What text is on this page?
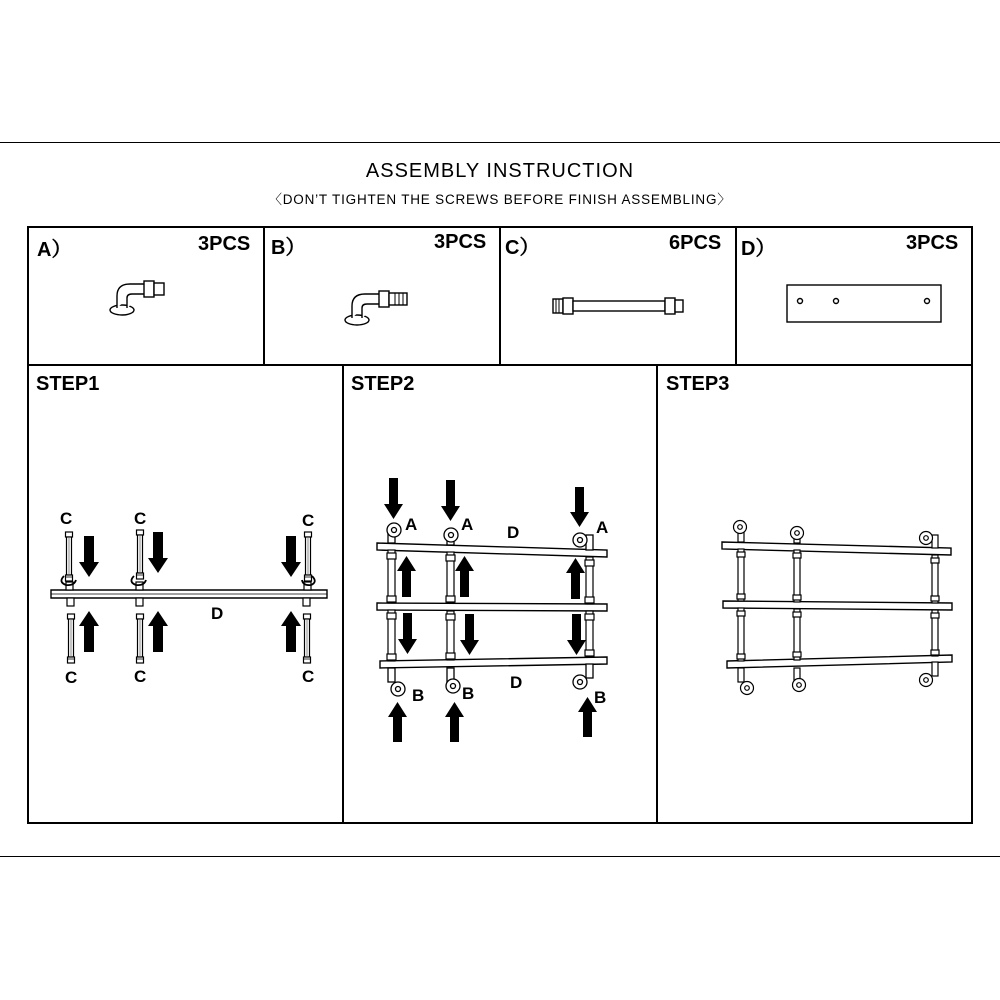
ASSEMBLY INSTRUCTION
〈DON’T TIGHTEN THE SCREWS BEFORE FINISH ASSEMBLING〉
A）	3PCS B）	3PCS C）	6PCS D）	3PCS
STEP1	STEP2	STEP3
C	C	C
C	C	C
D
A	A	A
D
D
B B	B
